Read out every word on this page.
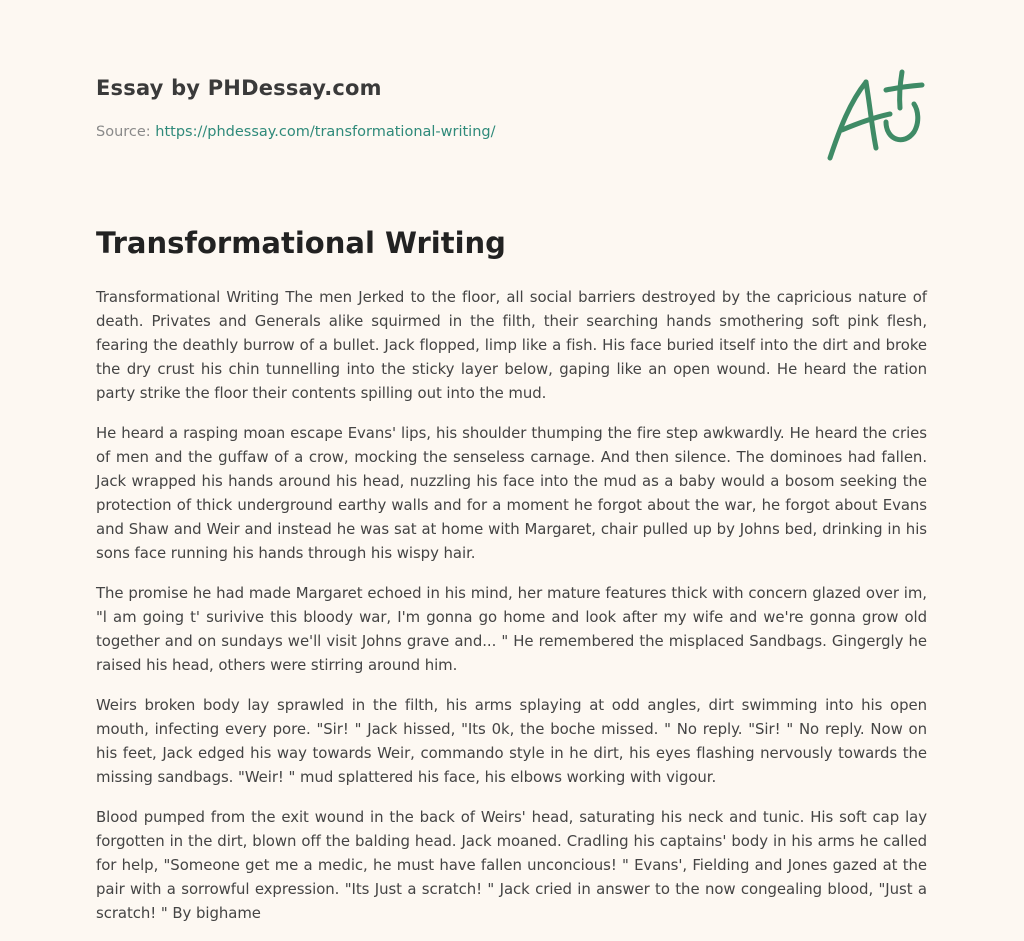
Essay by PHDessay.com
Source: https://phdessay.com/transformational-writing/
Transformational Writing

Transformational Writing The men Jerked to the floor, all social barriers destroyed by the capricious nature of death. Privates and Generals alike squirmed in the filth, their searching hands smothering soft pink flesh, fearing the deathly burrow of a bullet. Jack flopped, limp like a fish. His face buried itself into the dirt and broke the dry crust his chin tunnelling into the sticky layer below, gaping like an open wound. He heard the ration party strike the floor their contents spilling out into the mud.

He heard a rasping moan escape Evans' lips, his shoulder thumping the fire step awkwardly. He heard the cries of men and the guffaw of a crow, mocking the senseless carnage. And then silence. The dominoes had fallen. Jack wrapped his hands around his head, nuzzling his face into the mud as a baby would a bosom seeking the protection of thick underground earthy walls and for a moment he forgot about the war, he forgot about Evans and Shaw and Weir and instead he was sat at home with Margaret, chair pulled up by Johns bed, drinking in his sons face running his hands through his wispy hair.

The promise he had made Margaret echoed in his mind, her mature features thick with concern glazed over im, "l am going t' surivive this bloody war, I'm gonna go home and look after my wife and we're gonna grow old together and on sundays we'll visit Johns grave and... " He remembered the misplaced Sandbags. Gingergly he raised his head, others were stirring around him.

Weirs broken body lay sprawled in the filth, his arms splaying at odd angles, dirt swimming into his open mouth, infecting every pore. "Sir! " Jack hissed, "Its 0k, the boche missed. " No reply. "Sir! " No reply. Now on his feet, Jack edged his way towards Weir, commando style in he dirt, his eyes flashing nervously towards the missing sandbags. "Weir! " mud splattered his face, his elbows working with vigour.

Blood pumped from the exit wound in the back of Weirs' head, saturating his neck and tunic. His soft cap lay forgotten in the dirt, blown off the balding head. Jack moaned. Cradling his captains' body in his arms he called for help, "Someone get me a medic, he must have fallen unconcious! " Evans', Fielding and Jones gazed at the pair with a sorrowful expression. "Its Just a scratch! " Jack cried in answer to the now congealing blood, "Just a scratch! " By bighame
